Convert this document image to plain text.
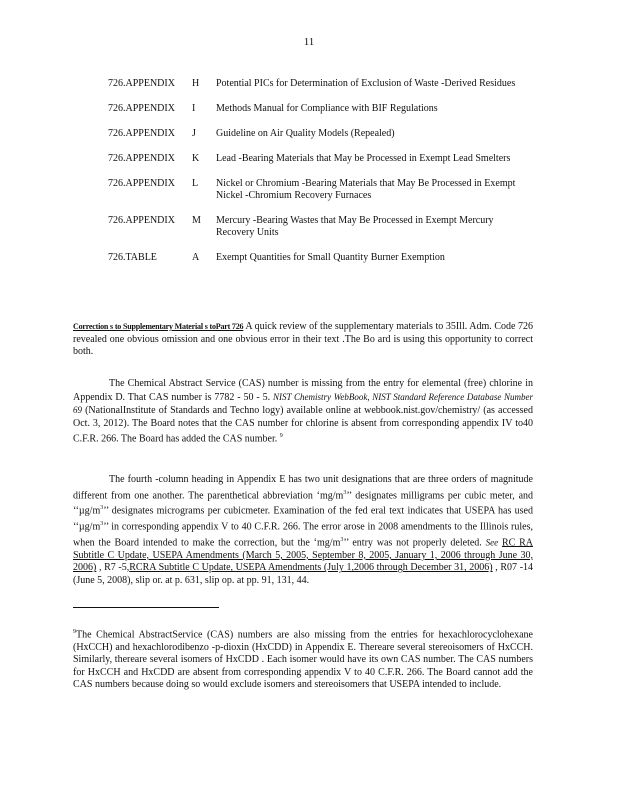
11
726.APPENDIX	H	Potential PICs for Determination of Exclusion of Waste -Derived Residues
726.APPENDIX	I	Methods Manual for Compliance with BIF Regulations
726.APPENDIX	J	Guideline on Air Quality Models (Repealed)
726.APPENDIX	K	Lead -Bearing Materials that May be Processed in Exempt Lead Smelters
726.APPENDIX	L	Nickel or Chromium -Bearing Materials that May Be Processed in Exempt Nickel -Chromium Recovery Furnaces
726.APPENDIX	M	Mercury -Bearing Wastes that May Be Processed in Exempt Mercury Recovery Units
726.TABLE	A	Exempt Quantities for Small Quantity Burner Exemption
Correction s to Supplementary Material s toPart 726 A quick review of the supplementary materials to 35Ill. Adm. Code 726 revealed one obvious omission and one obvious error in their text .The Bo ard is using this opportunity to correct both.
The Chemical Abstract Service (CAS) number is missing from the entry for elemental (free) chlorine in Appendix D. That CAS number is 7782 - 50 - 5. NIST Chemistry WebBook, NIST Standard Reference Database Number 69 (NationalInstitute of Standards and Techno logy) available online at webbook.nist.gov/chemistry/ (as accessed Oct. 3, 2012). The Board notes that the CAS number for chlorine is absent from corresponding appendix IV to40 C.F.R. 266. The Board has added the CAS number. $^9$
The fourth -column heading in Appendix E has two unit designations that are three orders of magnitude different from one another. The parenthetical abbreviation ‘$mg/m^3$’’ designates milligrams per cubic meter, and ‘‘$\mu g/m^3$’’ designates micrograms per cubicmeter. Examination of the fed eral text indicates that USEPA has used ‘‘$\mu g/m^3$’’ in corresponding appendix V to 40 C.F.R. 266. The error arose in 2008 amendments to the Illinois rules, when the Board intended to make the correction, but the ‘$mg/m^3$’’ entry was not properly deleted. See RC RA Subtitle C Update, USEPA Amendments (March 5, 2005, September 8, 2005, January 1, 2006 through June 30, 2006) , R7 -5,RCRA Subtitle C Update, USEPA Amendments (July 1,2006 through December 31, 2006) , R07 -14 (June 5, 2008), slip or. at p. 631, slip op. at pp. 91, 131, 44.
$^9$The Chemical AbstractService (CAS) numbers are also missing from the entries for hexachlorocyclohexane (HxCCH) and hexachlorodibenzo -p-dioxin (HxCDD) in Appendix E. Thereare several stereoisomers of HxCCH. Similarly, thereare several isomers of HxCDD . Each isomer would have its own CAS number. The CAS numbers for HxCCH and HxCDD are absent from corresponding appendix V to 40 C.F.R. 266. The Board cannot add the CAS numbers because doing so would exclude isomers and stereoisomers that USEPA intended to include.
